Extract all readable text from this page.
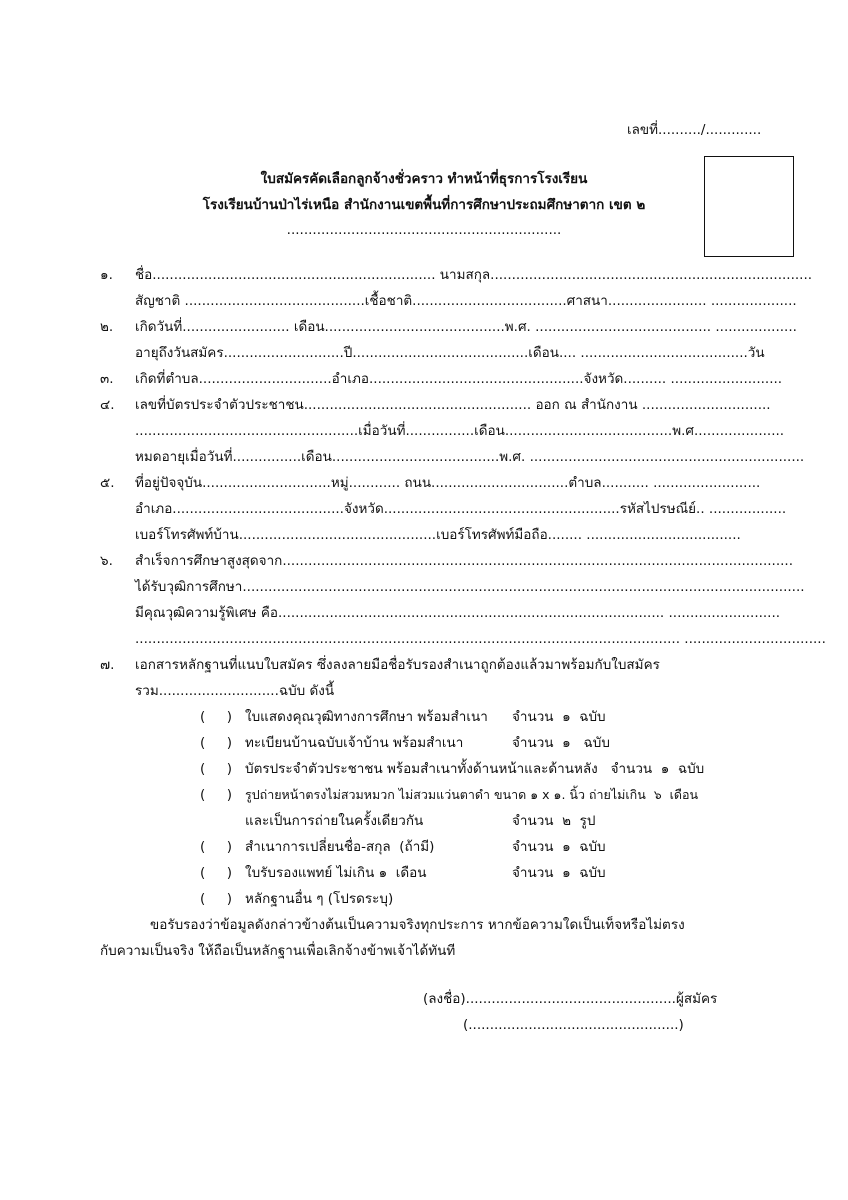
เลขที่........../.............
ใบสมัครคัดเลือกลูกจ้างชั่วคราว ทำหน้าที่ธุรการโรงเรียน
โรงเรียนบ้านป่าไร่เหนือ สำนักงานเขตพื้นที่การศึกษาประถมศึกษาตาก เขต ๒
................................................................
๑. ชื่อ.................................................................. นามสกุล...........................................................................
สัญชาติ ..........................................เชื้อชาติ....................................ศาสนา....................... ....................
๒. เกิดวันที่......................... เดือน..........................................พ.ศ. ......................................... ...................
อายุถึงวันสมัคร............................ปี.........................................เดือน.... .......................................วัน
๓. เกิดที่ตำบล...............................อำเภอ..................................................จังหวัด.......... ..........................
๔. เลขที่บัตรประจำตัวประชาชน..................................................... ออก ณ สำนักงาน ..............................
....................................................เมื่อวันที่................เดือน.......................................พ.ศ.....................
หมดอายุเมื่อวันที่................เดือน.......................................พ.ศ. ................................................................
๕. ที่อยู่ปัจจุบัน..............................หมู่............ ถนน................................ตำบล........... .........................
อำเภอ........................................จังหวัด.......................................................รหัสไปรษณีย์.. ..................
เบอร์โทรศัพท์บ้าน..............................................เบอร์โทรศัพท์มือถือ........ ....................................
๖. สำเร็จการศึกษาสูงสุดจาก.......................................................................................................................
ได้รับวุฒิการศึกษา...................................................................................................................................
มีคุณวุฒิความรู้พิเศษ คือ.......................................................................................... ..........................
............................................................................................................................... .................................
๗. เอกสารหลักฐานที่แนบใบสมัคร ซึ่งลงลายมือชื่อรับรองสำเนาถูกต้องแล้วมาพร้อมกับใบสมัคร
รวม............................ฉบับ ดังนี้
(     ) ใบแสดงคุณวุฒิทางการศึกษา พร้อมสำเนา จำนวน  ๑  ฉบับ
(     ) ทะเบียนบ้านฉบับเจ้าบ้าน พร้อมสำเนา	จำนวน  ๑   ฉบับ
(     ) บัตรประจำตัวประชาชน พร้อมสำเนาทั้งด้านหน้าและด้านหลัง   จำนวน  ๑  ฉบับ
(     ) รูปถ่ายหน้าตรงไม่สวมหมวก ไม่สวมแว่นตาดำ ขนาด ๑ x ๑. นิ้ว ถ่ายไม่เกิน  ๖  เดือน
และเป็นการถ่ายในครั้งเดียวกัน	จำนวน  ๒  รูป
(     ) สำเนาการเปลี่ยนชื่อ-สกุล  (ถ้ามี)	จำนวน  ๑  ฉบับ
(     ) ใบรับรองแพทย์ ไม่เกิน ๑  เดือน	จำนวน  ๑  ฉบับ
(     ) หลักฐานอื่น ๆ (โปรดระบุ)
ขอรับรองว่าข้อมูลดังกล่าวข้างต้นเป็นความจริงทุกประการ หากข้อความใดเป็นเท็จหรือไม่ตรง
กับความเป็นจริง ให้ถือเป็นหลักฐานเพื่อเลิกจ้างข้าพเจ้าได้ทันที
(ลงชื่อ).................................................ผู้สมัคร
(.................................................)
